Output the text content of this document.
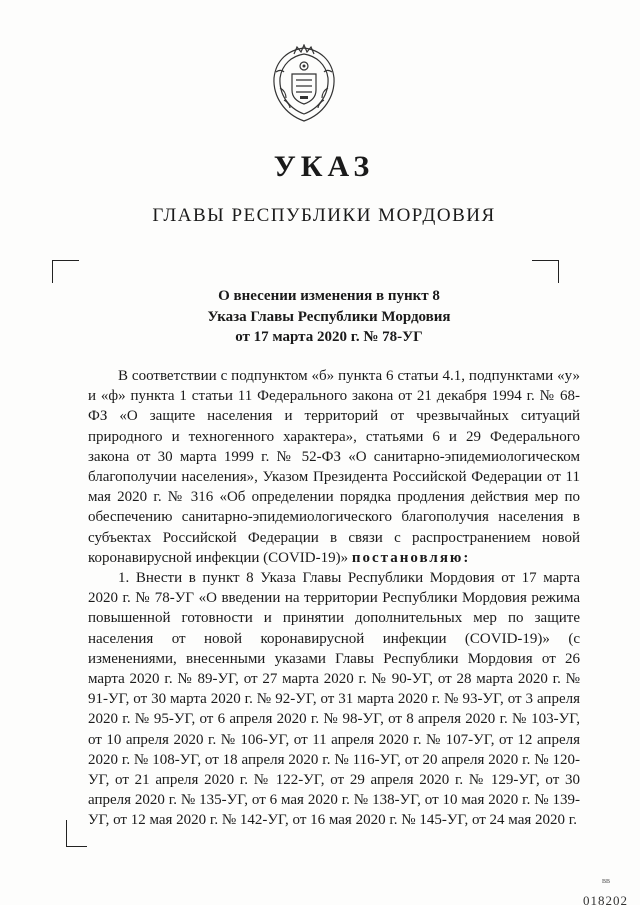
УКАЗ
ГЛАВЫ РЕСПУБЛИКИ МОРДОВИЯ
О внесении изменения в пункт 8
Указа Главы Республики Мордовия
от 17 марта 2020 г. № 78-УГ

В соответствии с подпунктом «б» пункта 6 статьи 4.1, подпунктами «у» и «ф» пункта 1 статьи 11 Федерального закона от 21 декабря 1994 г. № 68-ФЗ «О защите населения и территорий от чрезвычайных ситуаций природного и техногенного характера», статьями 6 и 29 Федерального закона от 30 марта 1999 г. № 52-ФЗ «О санитарно-эпидемиологическом благополучии населения», Указом Президента Российской Федерации от 11 мая 2020 г. № 316 «Об определении порядка продления действия мер по обеспечению санитарно-эпидемиологического благополучия населения в субъектах Российской Федерации в связи с распространением новой коронавирусной инфекции (COVID-19)» постановляю:

1. Внести в пункт 8 Указа Главы Республики Мордовия от 17 марта 2020 г. № 78-УГ «О введении на территории Республики Мордовия режима повышенной готовности и принятии дополнительных мер по защите населения от новой коронавирусной инфекции (COVID-19)» (с изменениями, внесенными указами Главы Республики Мордовия от 26 марта 2020 г. № 89-УГ, от 27 марта 2020 г. № 90-УГ, от 28 марта 2020 г. № 91-УГ, от 30 марта 2020 г. № 92-УГ, от 31 марта 2020 г. № 93-УГ, от 3 апреля 2020 г. № 95-УГ, от 6 апреля 2020 г. № 98-УГ, от 8 апреля 2020 г. № 103-УГ, от 10 апреля 2020 г. № 106-УГ, от 11 апреля 2020 г. № 107-УГ, от 12 апреля 2020 г. № 108-УГ, от 18 апреля 2020 г. № 116-УГ, от 20 апреля 2020 г. № 120-УГ, от 21 апреля 2020 г. № 122-УГ, от 29 апреля 2020 г. № 129-УГ, от 30 апреля 2020 г. № 135-УГ, от 6 мая 2020 г. № 138-УГ, от 10 мая 2020 г. № 139-УГ, от 12 мая 2020 г. № 142-УГ, от 16 мая 2020 г. № 145-УГ, от 24 мая 2020 г.

ВВ
018202
